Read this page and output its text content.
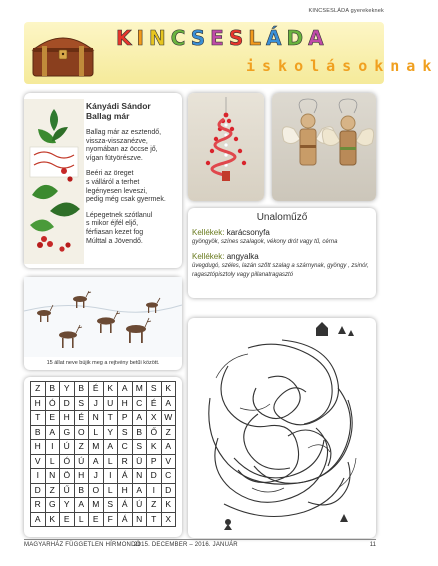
KINCSESLÁDA gyerekeknek
KINCSESLÁDA
iskolásoknak
Kányádi Sándor
Ballag már
Ballag már az esztendő,
vissza-visszanézve,
nyomában az öccse jő,
vígan fütyörészve.
Beéri az öreget
s válláról a terhet
legényesen leveszi,
pedig még csak gyermek.
Lépegetnek szótlanul
s mikor éjfél eljő,
férfiasan kezet fog
Múlttal a Jövendő.
Unaloműző
Kellékek: karácsonyfa
gyöngyök, színes szalagok, vékony drót vagy tű, cérna
Kellékek: angyalka
üvegdugó, széles, lazán szőtt szalag a szárnynak, gyöngy , zsinór, ragasztópisztoly vagy pillanatragasztó
15 állat neve bújik meg a rejtvény betűi között.
Z	B	Y	B	É	K	A	M	S	K
H	Ó	D	S	J	U	H	C	É	A
T	E	H	É	N	T	P	A	X	W
B	A	G	O	L	Y	S	B	Ő	Z
H	I	Ú	Z	M	A	C	S	K	A
V	L	Ó	Ú	A	L	R	Ü	P	V
I	N	Ö	H	J	I	Á	N	D	C
D	Z	Ű	B	O	L	H	A	I	D
R	G	Y	A	M	S	Á	Ú	Z	K
A	K	E	L	E	F	Á	N	T	X
MAGYARHÁZ FÜGGETLEN HÍRMONDÓ
2015. DECEMBER – 2016. JANUÁR	11
